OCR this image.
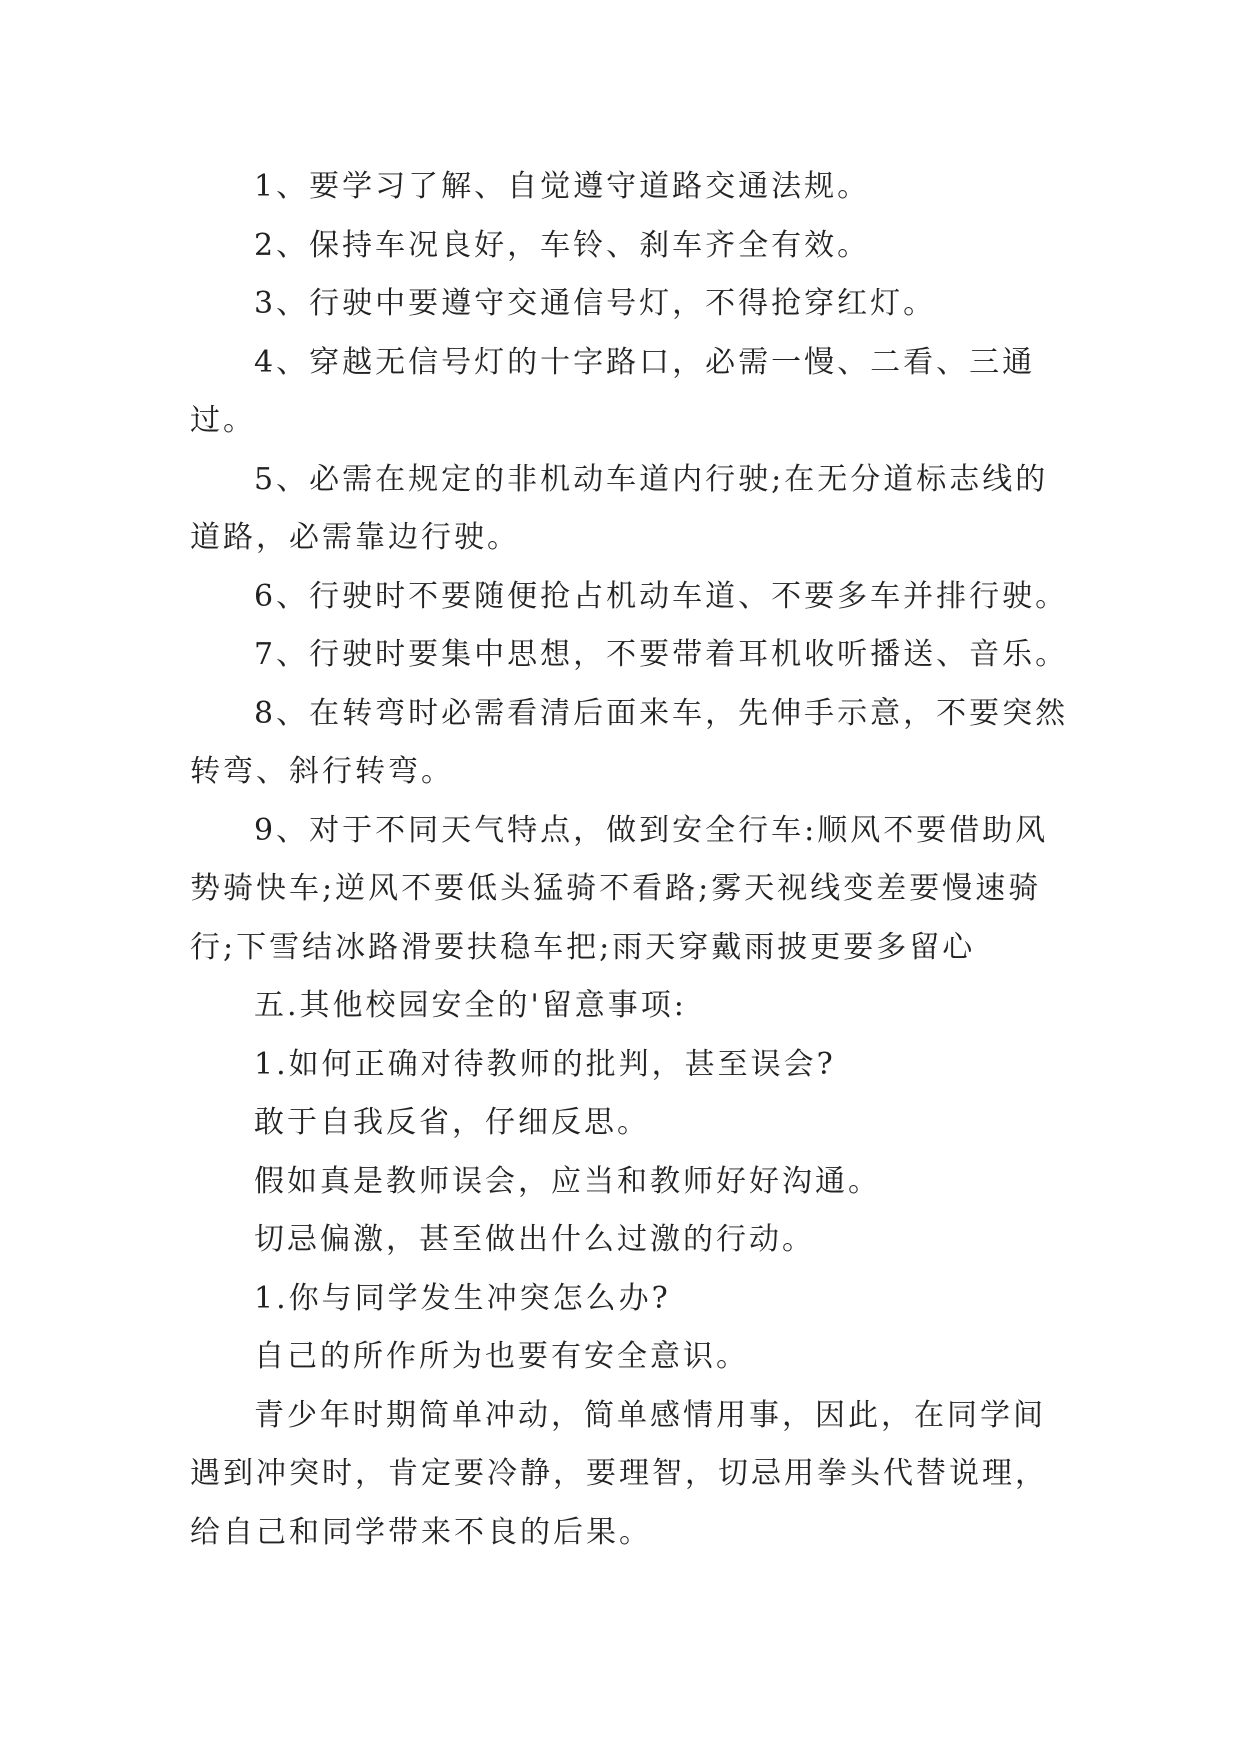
1、要学习了解、自觉遵守道路交通法规。

2、保持车况良好，车铃、刹车齐全有效。

3、行驶中要遵守交通信号灯，不得抢穿红灯。

4、穿越无信号灯的十字路口，必需一慢、二看、三通过。

5、必需在规定的非机动车道内行驶;在无分道标志线的道路，必需靠边行驶。

6、行驶时不要随便抢占机动车道、不要多车并排行驶。

7、行驶时要集中思想，不要带着耳机收听播送、音乐。

8、在转弯时必需看清后面来车，先伸手示意，不要突然转弯、斜行转弯。

9、对于不同天气特点，做到安全行车:顺风不要借助风势骑快车;逆风不要低头猛骑不看路;雾天视线变差要慢速骑行;下雪结冰路滑要扶稳车把;雨天穿戴雨披更要多留心

五.其他校园安全的'留意事项:

1.如何正确对待教师的批判，甚至误会?

敢于自我反省，仔细反思。

假如真是教师误会，应当和教师好好沟通。

切忌偏激，甚至做出什么过激的行动。

1.你与同学发生冲突怎么办?

自己的所作所为也要有安全意识。

青少年时期简单冲动，简单感情用事，因此，在同学间遇到冲突时，肯定要冷静，要理智，切忌用拳头代替说理，给自己和同学带来不良的后果。
